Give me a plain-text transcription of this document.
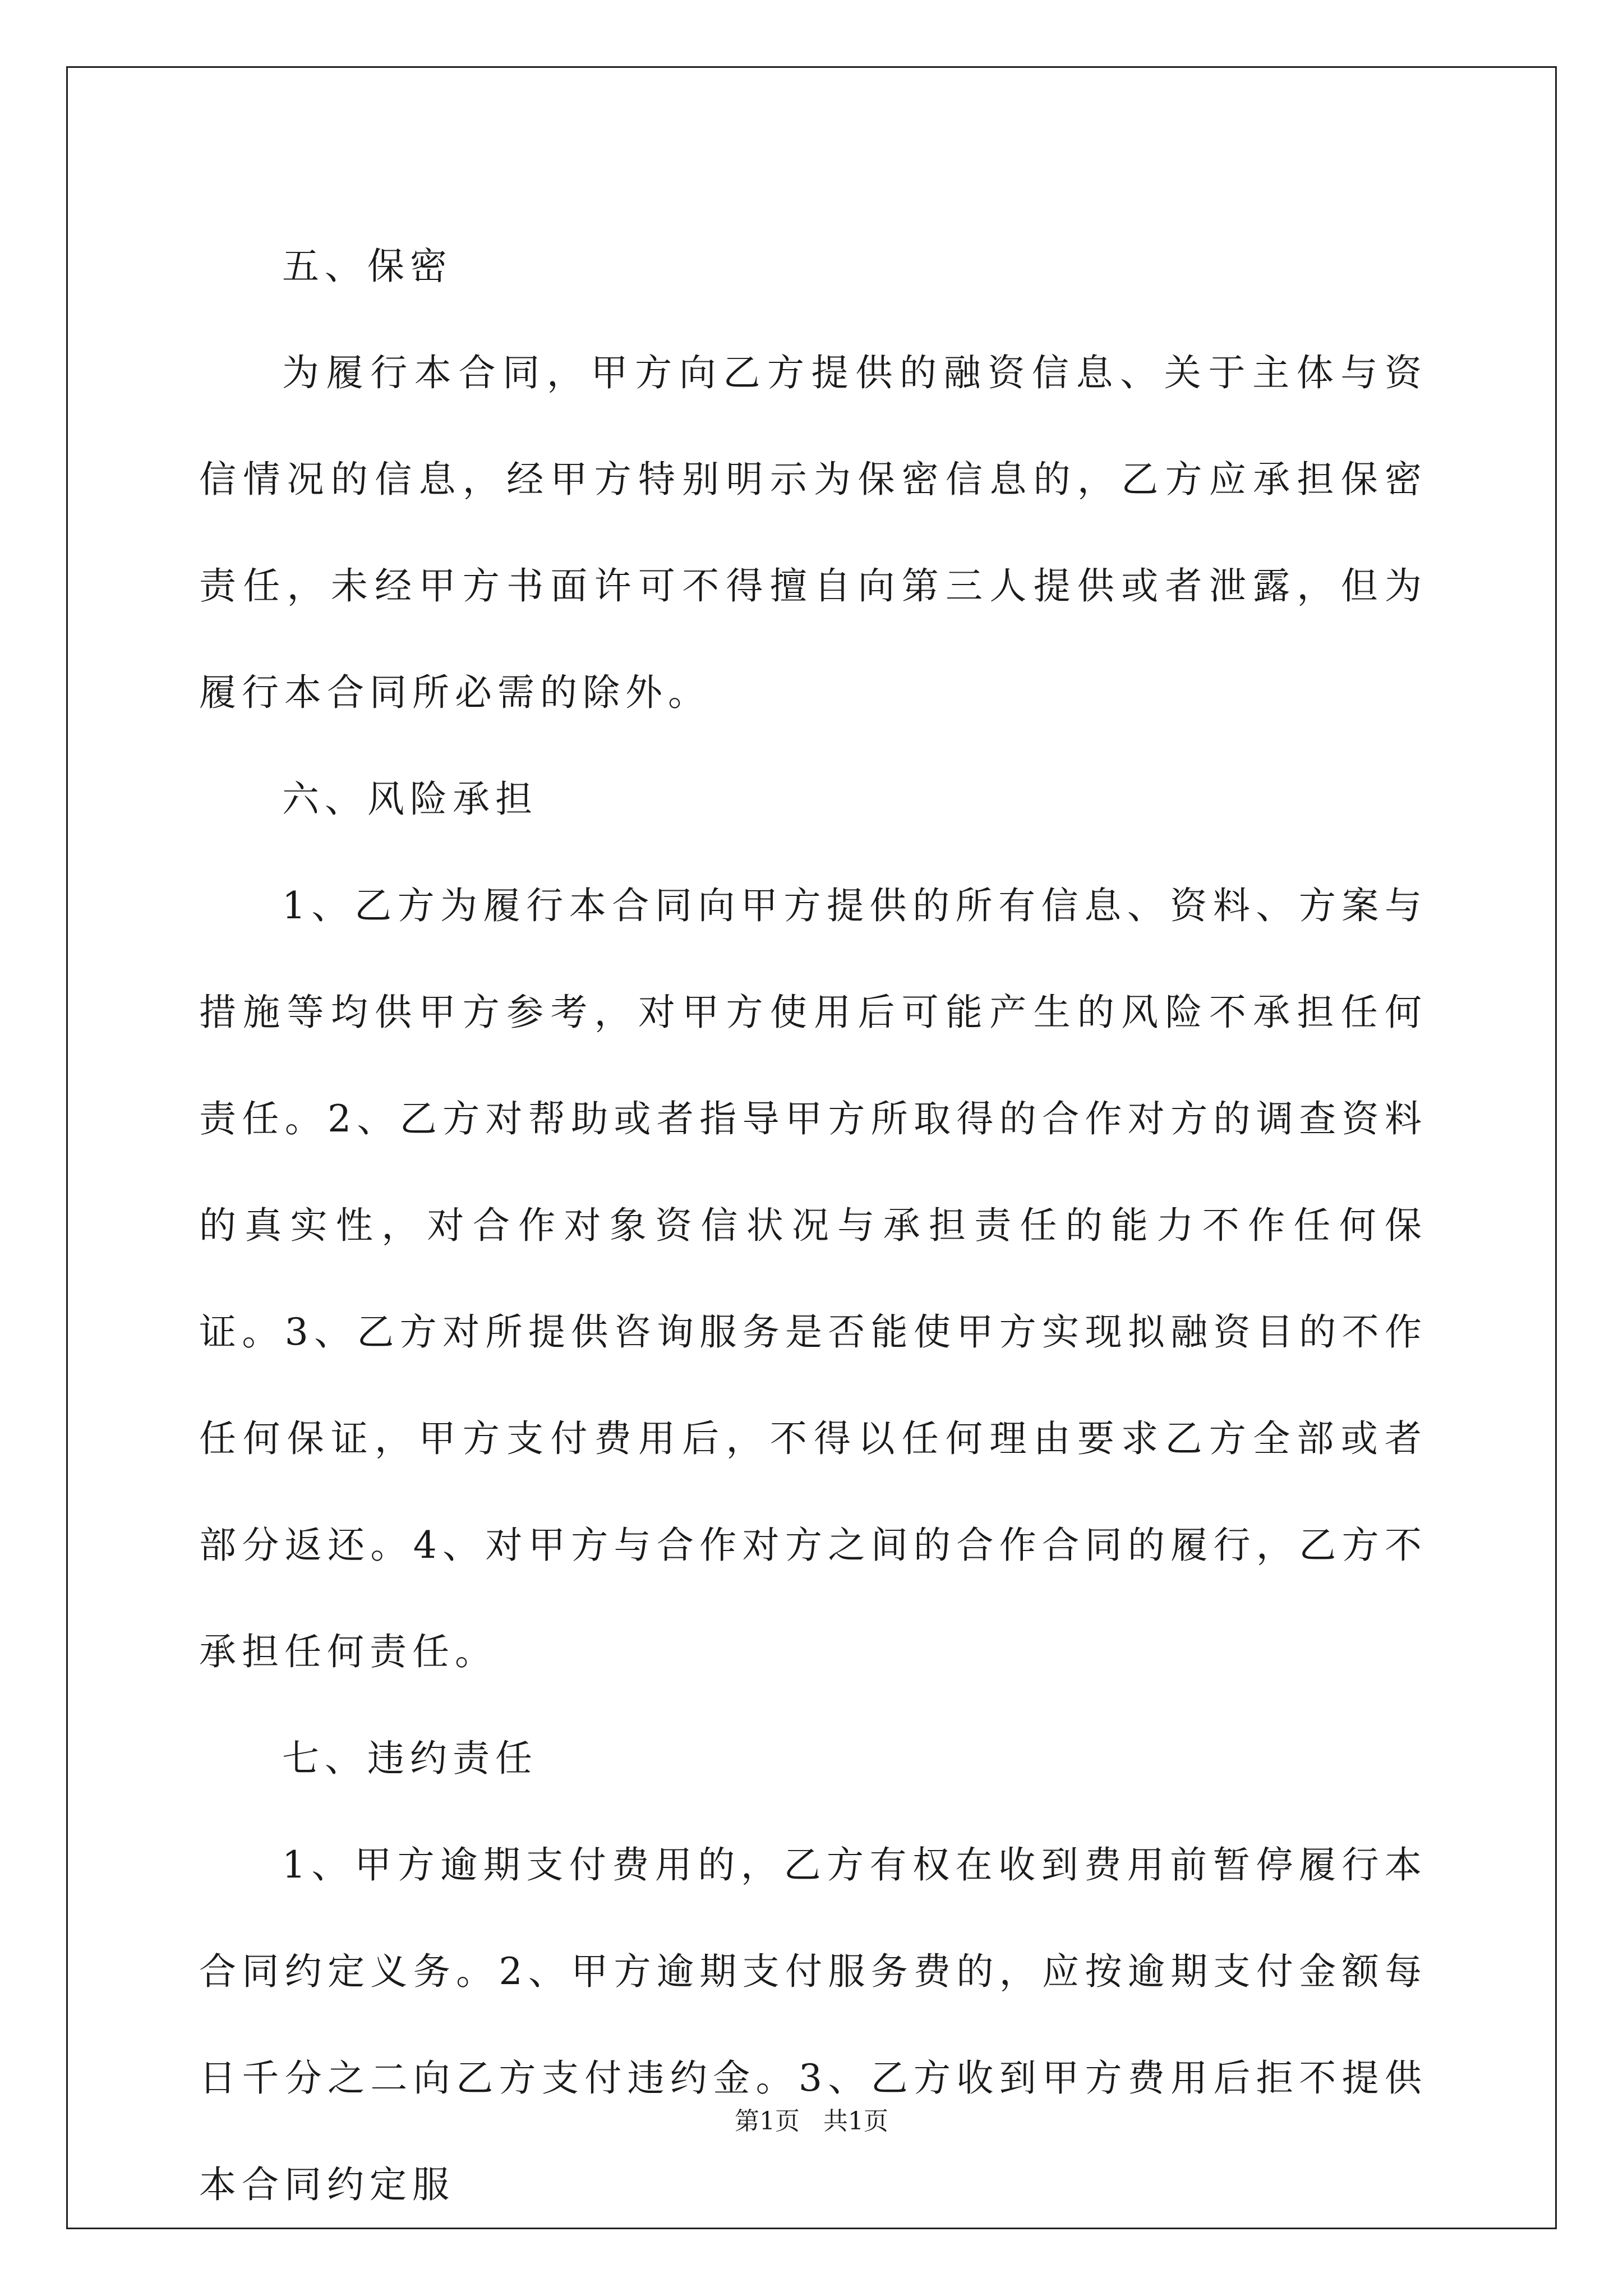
五、保密

为履行本合同，甲方向乙方提供的融资信息、关于主体与资信情况的信息，经甲方特别明示为保密信息的，乙方应承担保密责任，未经甲方书面许可不得擅自向第三人提供或者泄露，但为履行本合同所必需的除外。

六、风险承担

1、乙方为履行本合同向甲方提供的所有信息、资料、方案与措施等均供甲方参考，对甲方使用后可能产生的风险不承担任何责任。2、乙方对帮助或者指导甲方所取得的合作对方的调查资料的真实性，对合作对象资信状况与承担责任的能力不作任何保证。3、乙方对所提供咨询服务是否能使甲方实现拟融资目的不作任何保证，甲方支付费用后，不得以任何理由要求乙方全部或者部分返还。4、对甲方与合作对方之间的合作合同的履行，乙方不承担任何责任。

七、违约责任

1、甲方逾期支付费用的，乙方有权在收到费用前暂停履行本合同约定义务。2、甲方逾期支付服务费的，应按逾期支付金额每日千分之二向乙方支付违约金。3、乙方收到甲方费用后拒不提供本合同约定服

第1页   共1页
